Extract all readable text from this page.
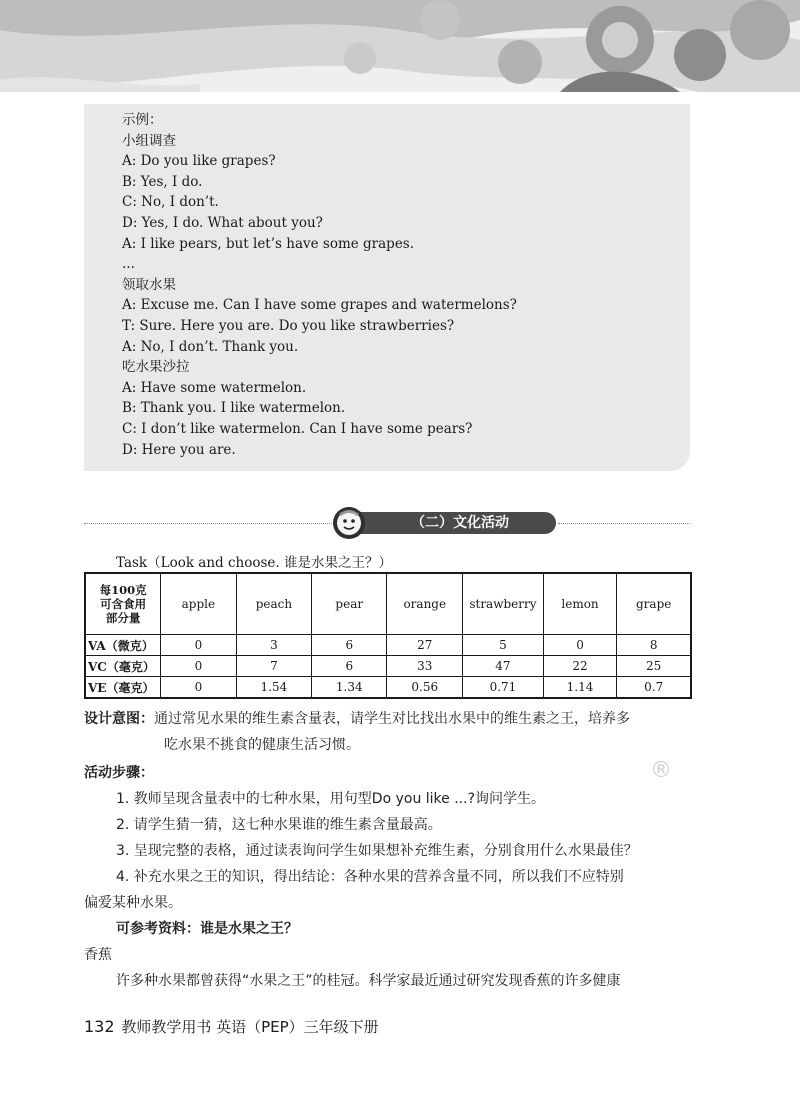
示例：
小组调查
A: Do you like grapes?
B: Yes, I do.
C: No, I don’t.
D: Yes, I do. What about you?
A: I like pears, but let’s have some grapes.
...
领取水果
A: Excuse me. Can I have some grapes and watermelons?
T: Sure. Here you are. Do you like strawberries?
A: No, I don’t. Thank you.
吃水果沙拉
A: Have some watermelon.
B: Thank you. I like watermelon.
C: I don’t like watermelon. Can I have some pears?
D: Here you are.
（二）文化活动
Task（Look and choose. 谁是水果之王？）
每100克
可含食用
部分量	apple	peach	pear	orange	strawberry	lemon	grape
VA（微克）	0	3	6	27	5	0	8
VC（毫克）	0	7	6	33	47	22	25
VE（毫克）	0	1.54	1.34	0.56	0.71	1.14	0.7
设计意图：通过常见水果的维生素含量表，请学生对比找出水果中的维生素之王，培养多
吃水果不挑食的健康生活习惯。
活动步骤：
1. 教师呈现含量表中的七种水果，用句型Do you like ...?询问学生。
2. 请学生猜一猜，这七种水果谁的维生素含量最高。
3. 呈现完整的表格，通过读表询问学生如果想补充维生素，分别食用什么水果最佳？
4. 补充水果之王的知识，得出结论：各种水果的营养含量不同，所以我们不应特别
偏爱某种水果。
可参考资料：谁是水果之王？
香蕉
许多种水果都曾获得“水果之王”的桂冠。科学家最近通过研究发现香蕉的许多健康
®
132 教师教学用书 英语（PEP）三年级下册
